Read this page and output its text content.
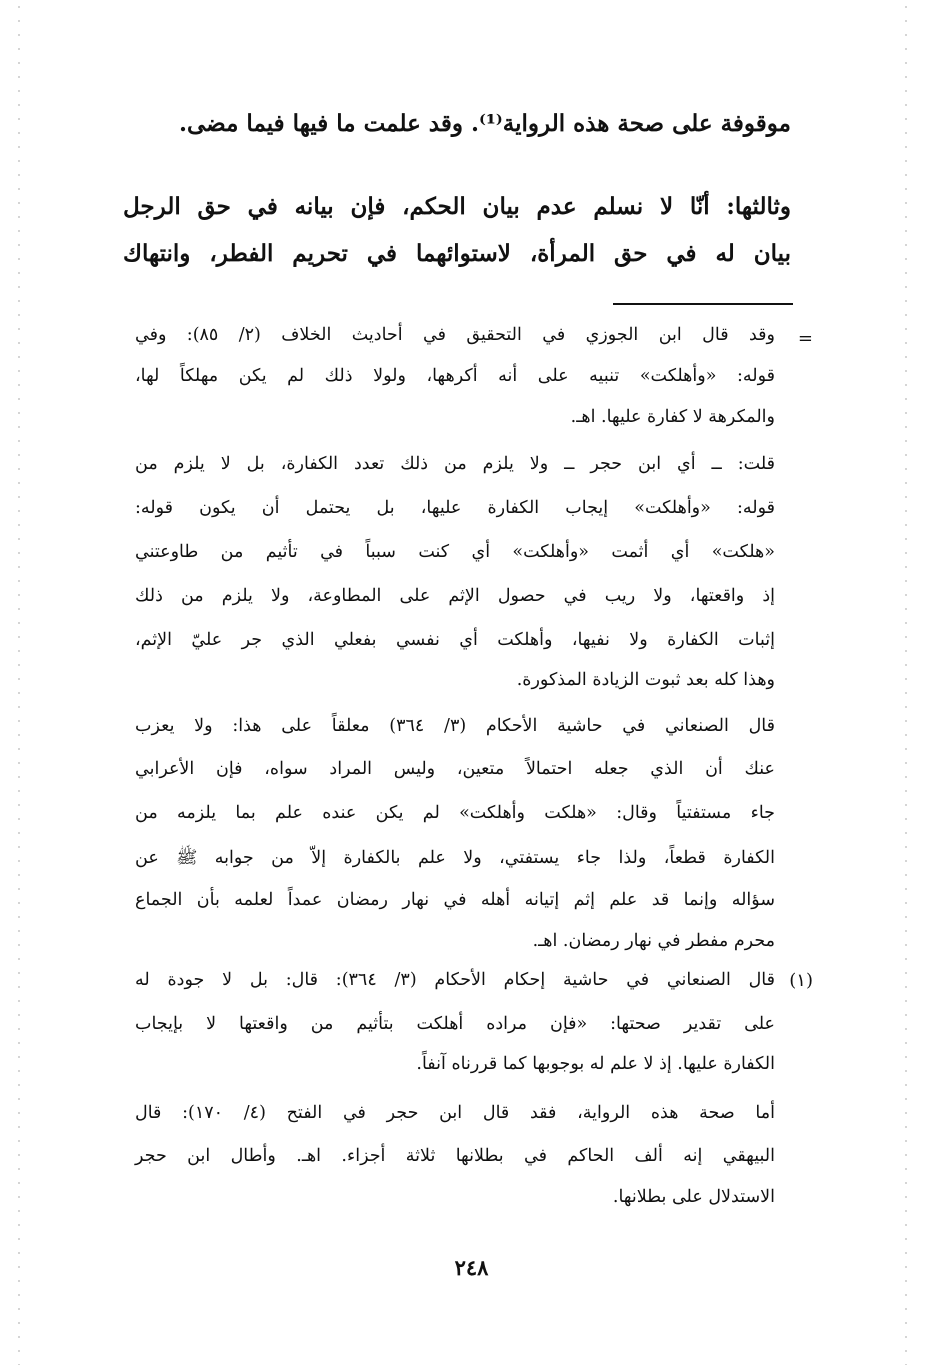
موقوفة على صحة هذه الرواية⁽¹⁾. وقد علمت ما فيها فيما مضى.
وثالثها: أنّا لا نسلم عدم بيان الحكم، فإن بيانه في حق الرجل
بيان له في حق المرأة، لاستوائهما في تحريم الفطر، وانتهاك
=
وقد قال ابن الجوزي في التحقيق في أحاديث الخلاف (٢/ ٨٥): وفي
قوله: «وأهلكت» تنبيه على أنه أكرهها، ولولا ذلك لم يكن مهلكاً لها،
والمكرهة لا كفارة عليها. اهـ.
قلت: ــ أي ابن حجر ــ ولا يلزم من ذلك تعدد الكفارة، بل لا يلزم من
قوله: «وأهلكت» إيجاب الكفارة عليها، بل يحتمل أن يكون قوله:
«هلكت» أي أثمت «وأهلكت» أي كنت سبباً في تأثيم من طاوعتني
إذ واقعتها، ولا ريب في حصول الإثم على المطاوعة، ولا يلزم من ذلك
إثبات الكفارة ولا نفيها، وأهلكت أي نفسي بفعلي الذي جر عليّ الإثم،
وهذا كله بعد ثبوت الزيادة المذكورة.
قال الصنعاني في حاشية الأحكام (٣/ ٣٦٤) معلقاً على هذا: ولا يعزب
عنك أن الذي جعله احتمالاً متعين، وليس المراد سواه، فإن الأعرابي
جاء مستفتياً وقال: «هلكت وأهلكت» لم يكن عنده علم بما يلزمه من
الكفارة قطعاً، ولذا جاء يستفتي، ولا علم بالكفارة إلاّ من جوابه ﷺ عن
سؤاله وإنما قد علم إثم إتيانه أهله في نهار رمضان عمداً لعلمه بأن الجماع
محرم مفطر في نهار رمضان. اهـ.
(١)
قال الصنعاني في حاشية إحكام الأحكام (٣/ ٣٦٤): قال: بل لا جودة له
على تقدير صحتها: «فإن مراده أهلكت بتأثيم من واقعتها لا بإيجاب
الكفارة عليها. إذ لا علم له بوجوبها كما قررناه آنفاً.
أما صحة هذه الرواية، فقد قال ابن حجر في الفتح (٤/ ١٧٠): قال
البيهقي إنه ألف الحاكم في بطلانها ثلاثة أجزاء. اهـ. وأطال ابن حجر
الاستدلال على بطلانها.
٢٤٨
